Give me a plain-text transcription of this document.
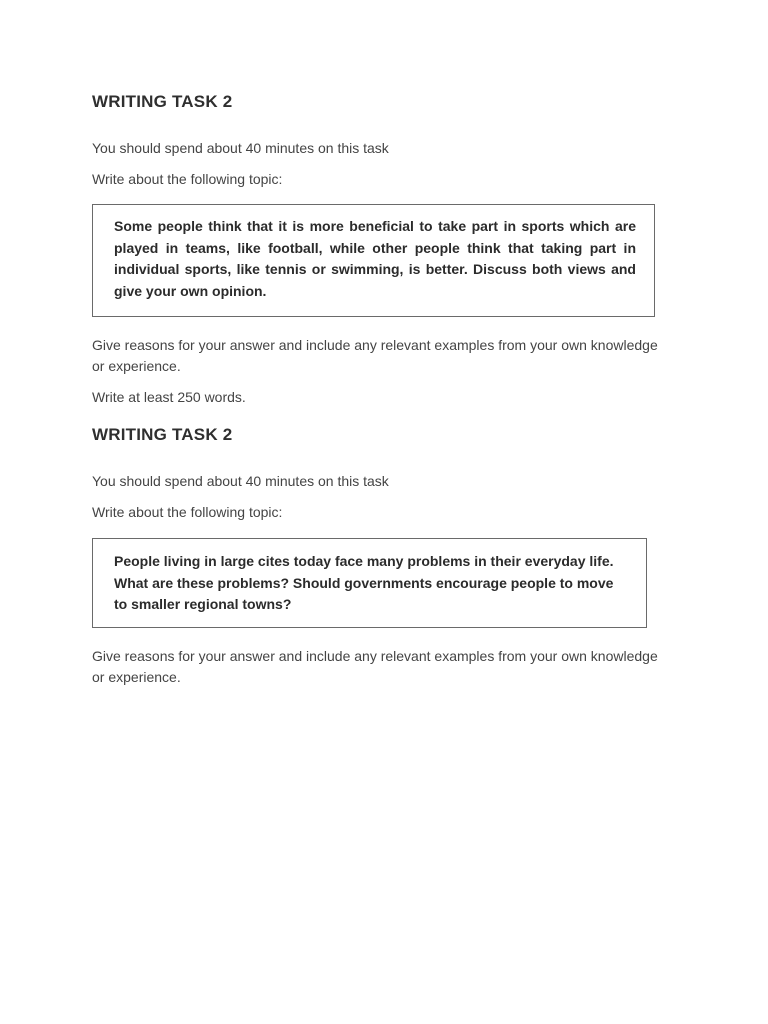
WRITING TASK 2

You should spend about 40 minutes on this task

Write about the following topic:

Some people think that it is more beneficial to take part in sports which are played in teams, like football, while other people think that taking part in individual sports, like tennis or swimming, is better. Discuss both views and give your own opinion.

Give reasons for your answer and include any relevant examples from your own knowledge or experience.

Write at least 250 words.

WRITING TASK 2

You should spend about 40 minutes on this task

Write about the following topic:

People living in large cites today face many problems in their everyday life. What are these problems? Should governments encourage people to move to smaller regional towns?

Give reasons for your answer and include any relevant examples from your own knowledge or experience.
